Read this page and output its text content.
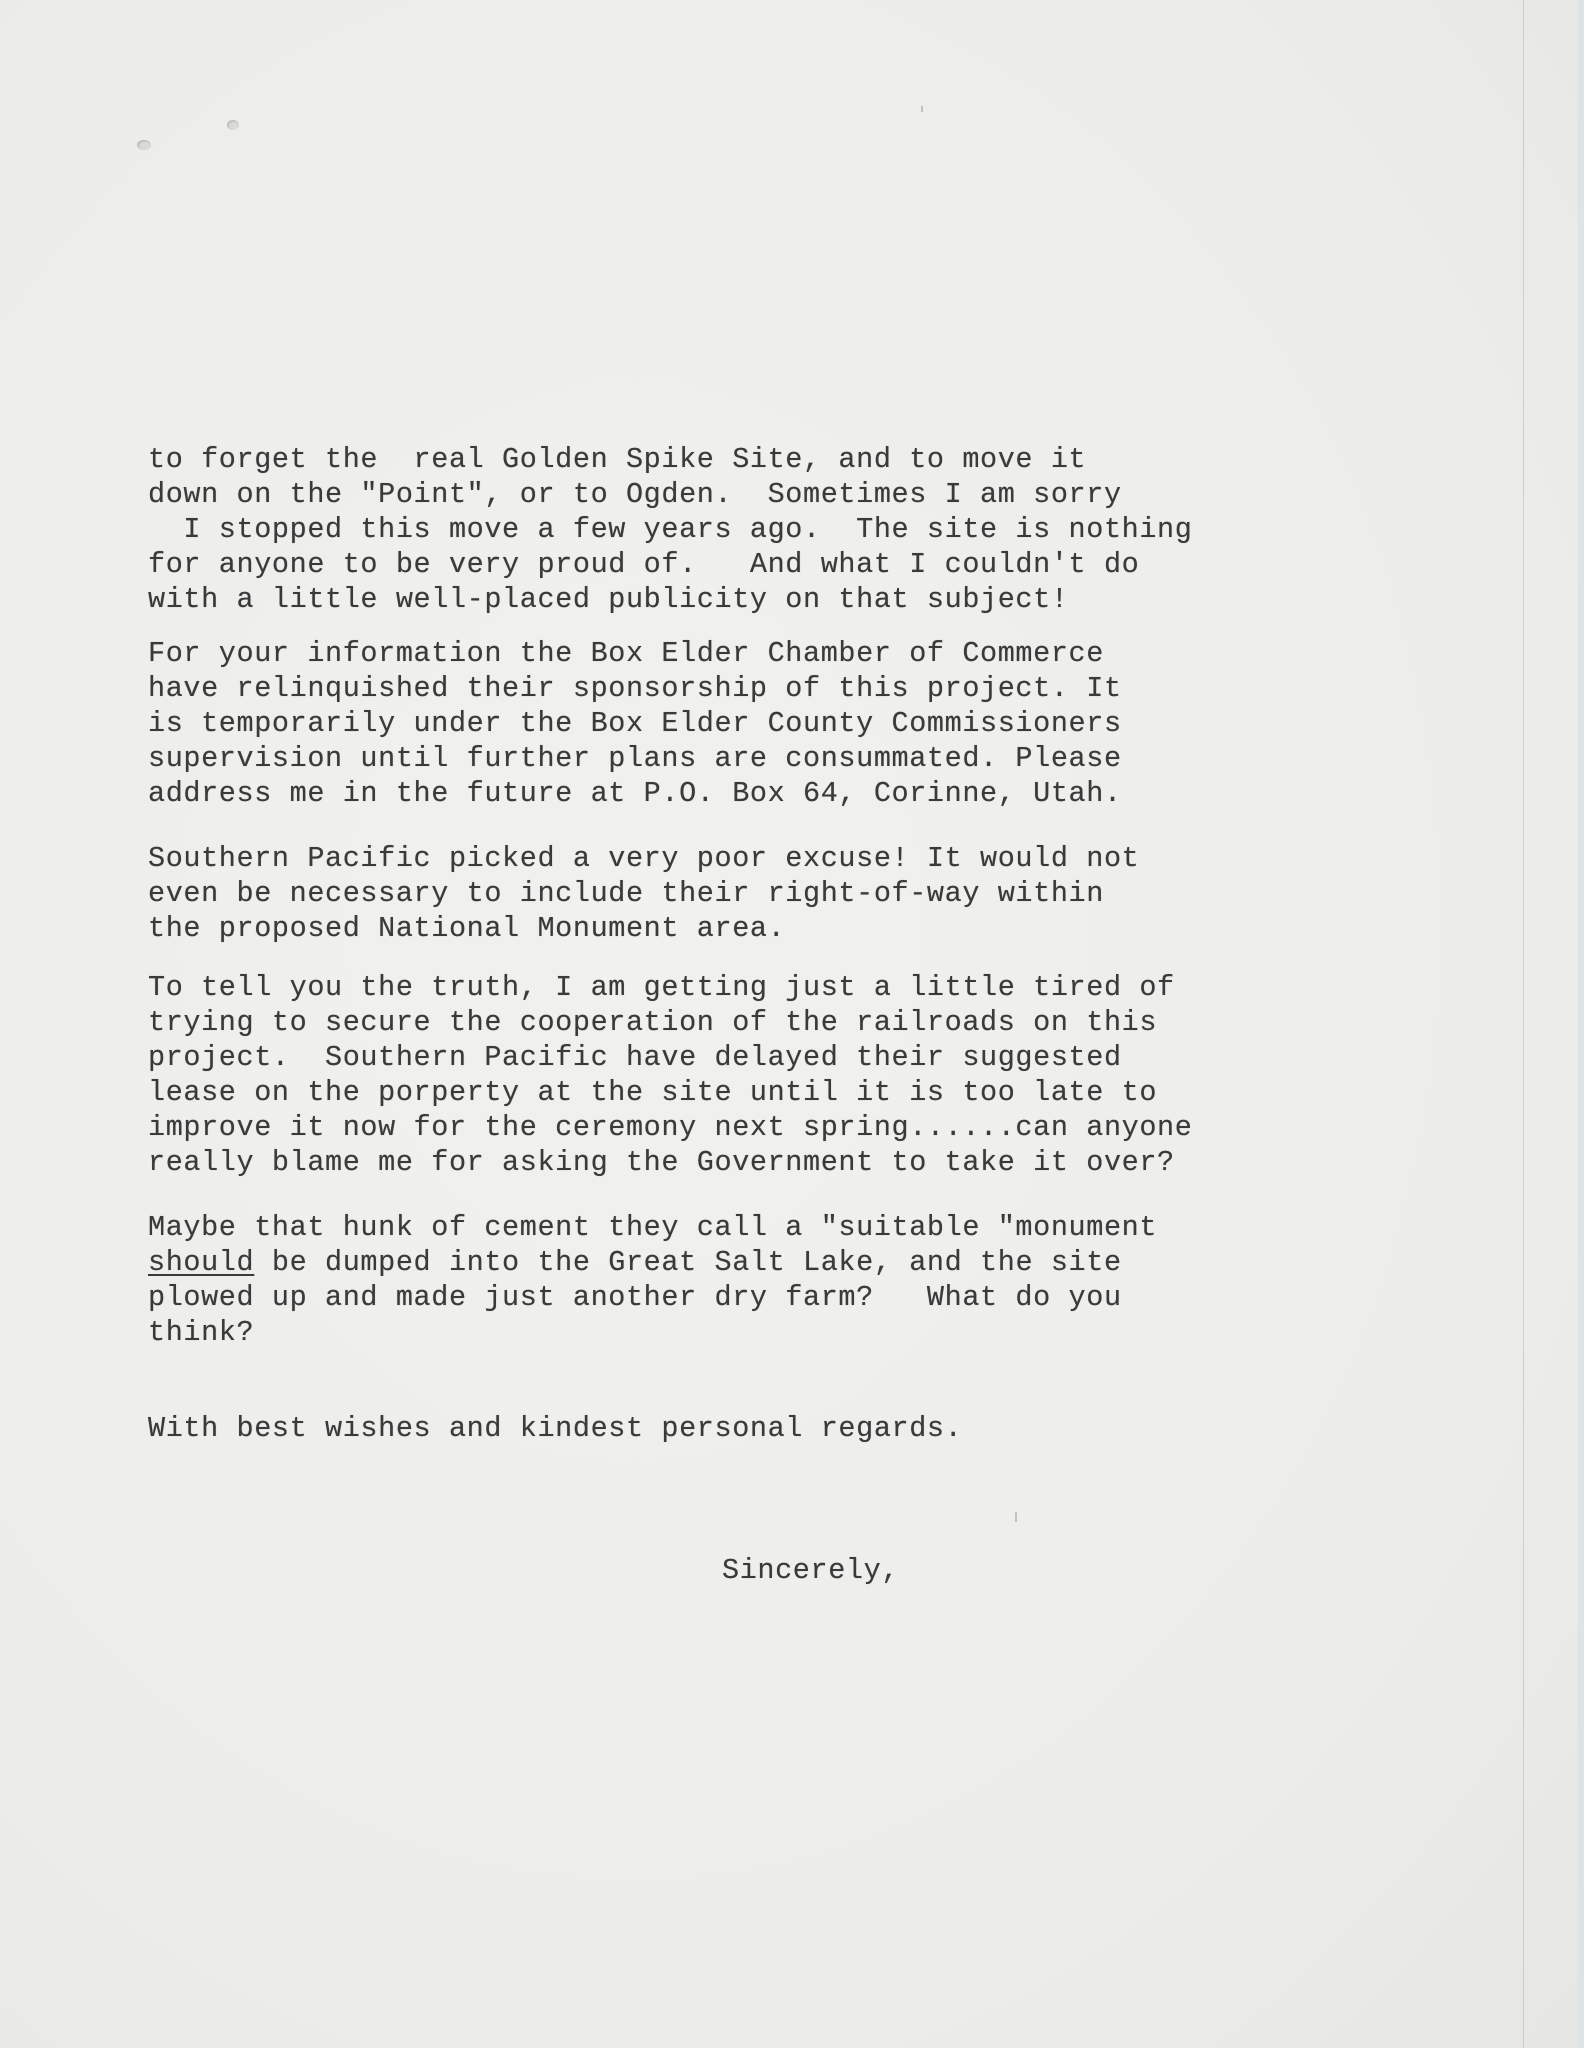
to forget the  real Golden Spike Site, and to move it
down on the "Point", or to Ogden.  Sometimes I am sorry
I stopped this move a few years ago.  The site is nothing
for anyone to be very proud of.   And what I couldn't do
with a little well-placed publicity on that subject!
For your information the Box Elder Chamber of Commerce
have relinquished their sponsorship of this project. It
is temporarily under the Box Elder County Commissioners
supervision until further plans are consummated. Please
address me in the future at P.O. Box 64, Corinne, Utah.
Southern Pacific picked a very poor excuse! It would not
even be necessary to include their right-of-way within
the proposed National Monument area.
To tell you the truth, I am getting just a little tired of
trying to secure the cooperation of the railroads on this
project.  Southern Pacific have delayed their suggested
lease on the porperty at the site until it is too late to
improve it now for the ceremony next spring......can anyone
really blame me for asking the Government to take it over?
Maybe that hunk of cement they call a "suitable "monument
should be dumped into the Great Salt Lake, and the site
plowed up and made just another dry farm?   What do you
think?
With best wishes and kindest personal regards.
Sincerely,
